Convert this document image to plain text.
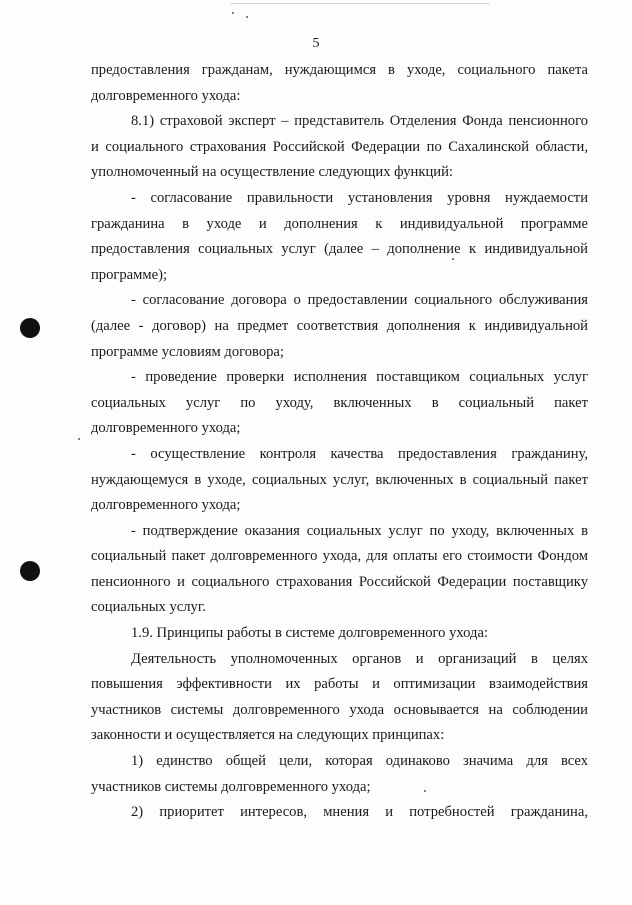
5
предоставления гражданам, нуждающимся в уходе, социального пакета
долговременного ухода:
8.1) страховой эксперт – представитель Отделения Фонда пенсионного
и социального страхования Российской Федерации по Сахалинской области,
уполномоченный на осуществление следующих функций:
- согласование правильности установления уровня нуждаемости
гражданина в уходе и дополнения к индивидуальной программе
предоставления социальных услуг (далее – дополнение к индивидуальной
программе);
- согласование договора о предоставлении социального обслуживания
(далее - договор) на предмет соответствия дополнения к индивидуальной
программе условиям договора;
- проведение проверки исполнения поставщиком социальных услуг
социальных услуг по уходу, включенных в социальный пакет
долговременного ухода;
- осуществление контроля качества предоставления гражданину,
нуждающемуся в уходе, социальных услуг, включенных в социальный пакет
долговременного ухода;
- подтверждение оказания социальных услуг по уходу, включенных в
социальный пакет долговременного ухода, для оплаты его стоимости Фондом
пенсионного и социального страхования Российской Федерации поставщику
социальных услуг.
1.9. Принципы работы в системе долговременного ухода:
Деятельность уполномоченных органов и организаций в целях
повышения эффективности их работы и оптимизации взаимодействия
участников системы долговременного ухода основывается на соблюдении
законности и осуществляется на следующих принципах:
1) единство общей цели, которая одинаково значима для всех
участников системы долговременного ухода;
2) приоритет интересов, мнения и потребностей гражданина,
